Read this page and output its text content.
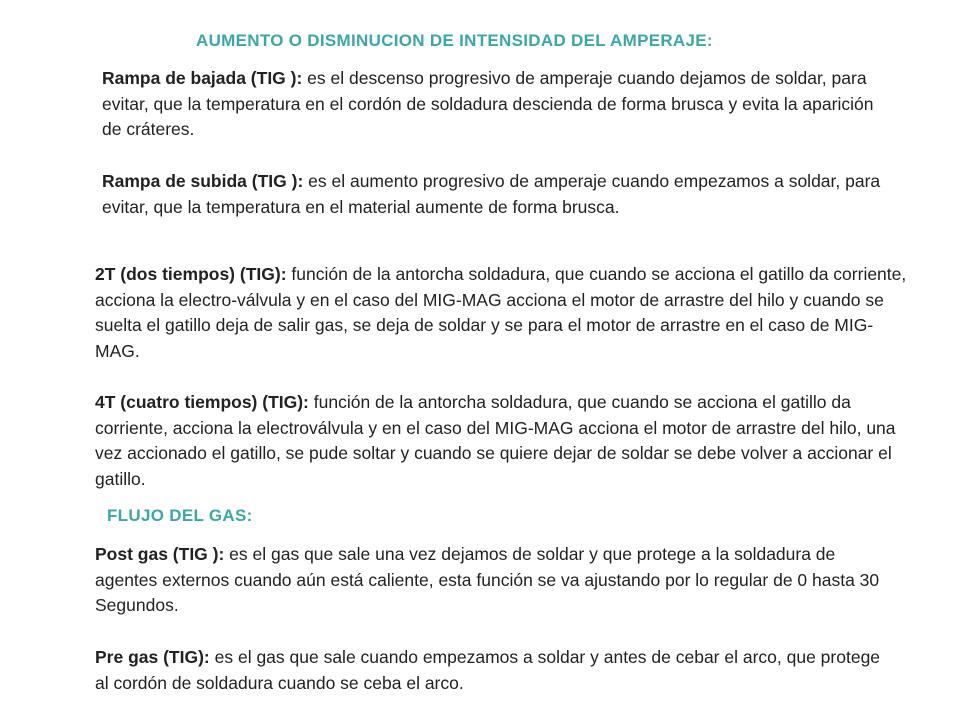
AUMENTO O DISMINUCION DE INTENSIDAD DEL AMPERAJE:

Rampa de bajada (TIG ): es el descenso progresivo de amperaje cuando dejamos de soldar, para evitar, que la temperatura en el cordón de soldadura descienda de forma brusca y evita la aparición de cráteres.

Rampa de subida (TIG ): es el aumento progresivo de amperaje cuando empezamos a soldar, para evitar, que la temperatura en el material aumente de forma brusca.

2T (dos tiempos) (TIG): función de la antorcha soldadura, que cuando se acciona el gatillo da corriente, acciona la electro-válvula y en el caso del MIG-MAG acciona el motor de arrastre del hilo y cuando se suelta el gatillo deja de salir gas, se deja de soldar y se para el motor de arrastre en el caso de MIG-MAG.

4T (cuatro tiempos) (TIG): función de la antorcha soldadura, que cuando se acciona el gatillo da corriente, acciona la electroválvula y en el caso del MIG-MAG acciona el motor de arrastre del hilo, una vez accionado el gatillo, se pude soltar y cuando se quiere dejar de soldar se debe volver a accionar el gatillo.

FLUJO DEL GAS:

Post gas (TIG ): es el gas que sale una vez dejamos de soldar y que protege a la soldadura de agentes externos cuando aún está caliente, esta función se va ajustando por lo regular de 0 hasta 30 Segundos.

Pre gas (TIG): es el gas que sale cuando empezamos a soldar y antes de cebar el arco, que protege al cordón de soldadura cuando se ceba el arco.
